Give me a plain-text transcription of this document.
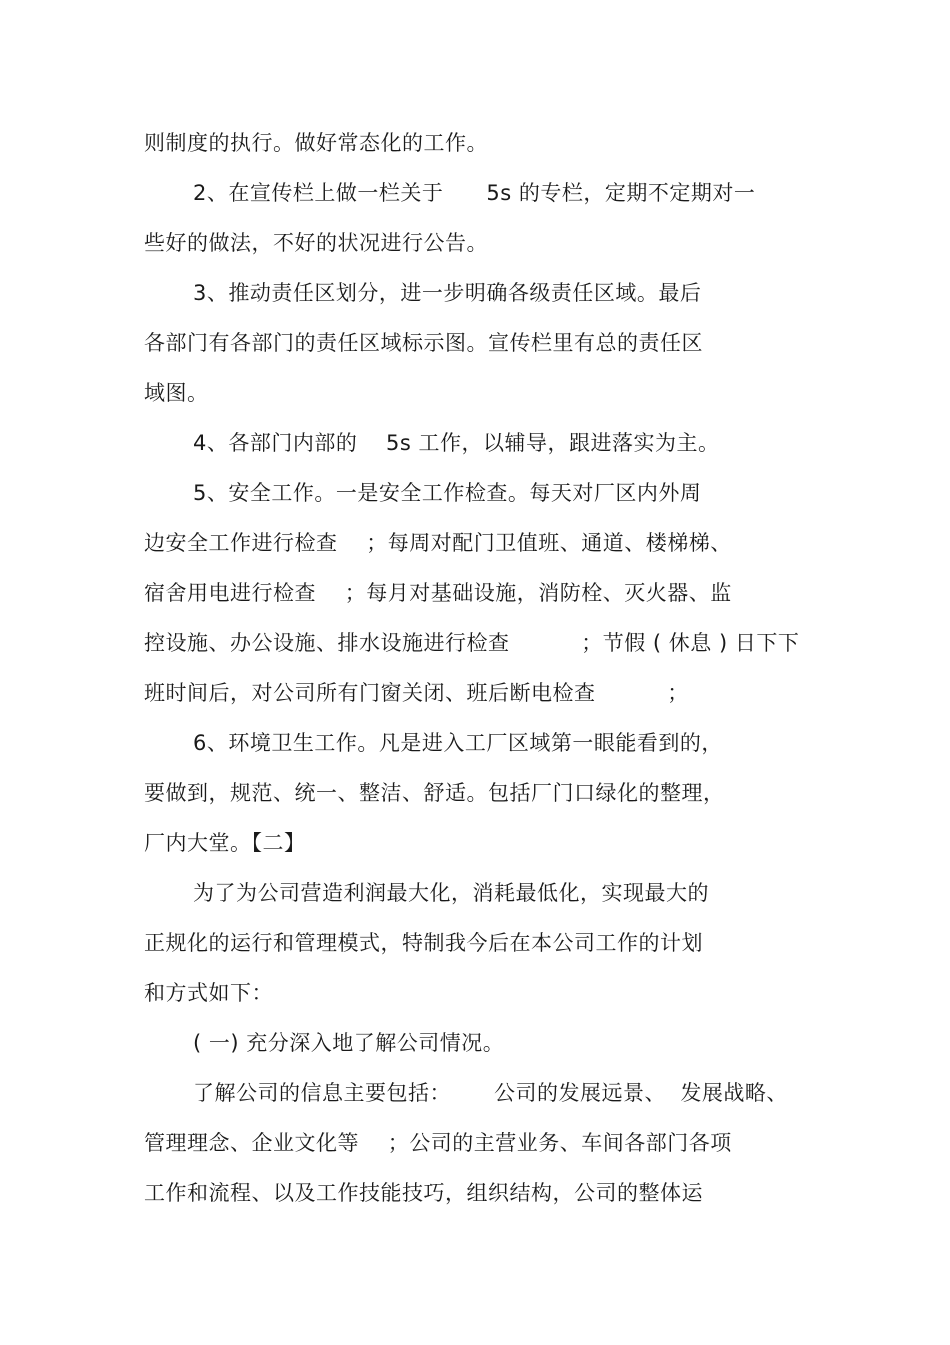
则制度的执行。做好常态化的工作。
2、在宣传栏上做一栏关于      5s 的专栏，定期不定期对一
些好的做法，不好的状况进行公告。
3、推动责任区划分，进一步明确各级责任区域。最后
各部门有各部门的责任区域标示图。宣传栏里有总的责任区
域图。
4、各部门内部的    5s 工作，以辅导，跟进落实为主。
5、安全工作。一是安全工作检查。每天对厂区内外周
边安全工作进行检查    ；每周对配门卫值班、通道、楼梯梯、
宿舍用电进行检查    ；每月对基础设施，消防栓、灭火器、监
控设施、办公设施、排水设施进行检查          ；节假 ( 休息 ) 日下下
班时间后，对公司所有门窗关闭、班后断电检查          ；
6、环境卫生工作。凡是进入工厂区域第一眼能看到的，
要做到，规范、统一、整洁、舒适。包括厂门口绿化的整理，
厂内大堂。【二】
为了为公司营造利润最大化，消耗最低化，实现最大的
正规化的运行和管理模式，特制我今后在本公司工作的计划
和方式如下：
( 一) 充分深入地了解公司情况。
了解公司的信息主要包括：      公司的发展远景、  发展战略、
管理理念、企业文化等    ；公司的主营业务、车间各部门各项
工作和流程、以及工作技能技巧，组织结构，公司的整体运
